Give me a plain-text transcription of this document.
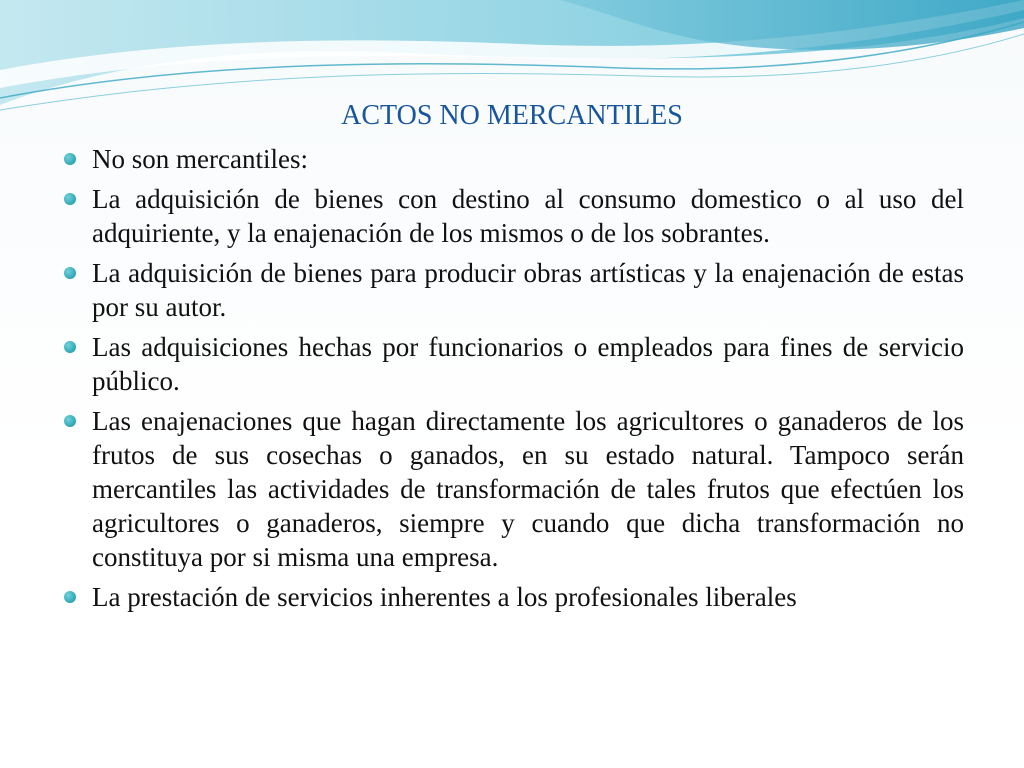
ACTOS NO MERCANTILES
No son mercantiles:
La adquisición de bienes con destino al consumo domestico o al uso del adquiriente, y la enajenación de los mismos o de los sobrantes.
La adquisición de bienes para producir obras artísticas y la enajenación de estas por su autor.
Las adquisiciones hechas por funcionarios o empleados para fines de servicio público.
Las enajenaciones que hagan directamente los agricultores o ganaderos de los frutos de sus cosechas o ganados, en su estado natural. Tampoco serán mercantiles las actividades de transformación de tales frutos que efectúen los agricultores o ganaderos, siempre y cuando que dicha transformación no constituya por si misma una empresa.
La prestación de servicios inherentes a los profesionales liberales
